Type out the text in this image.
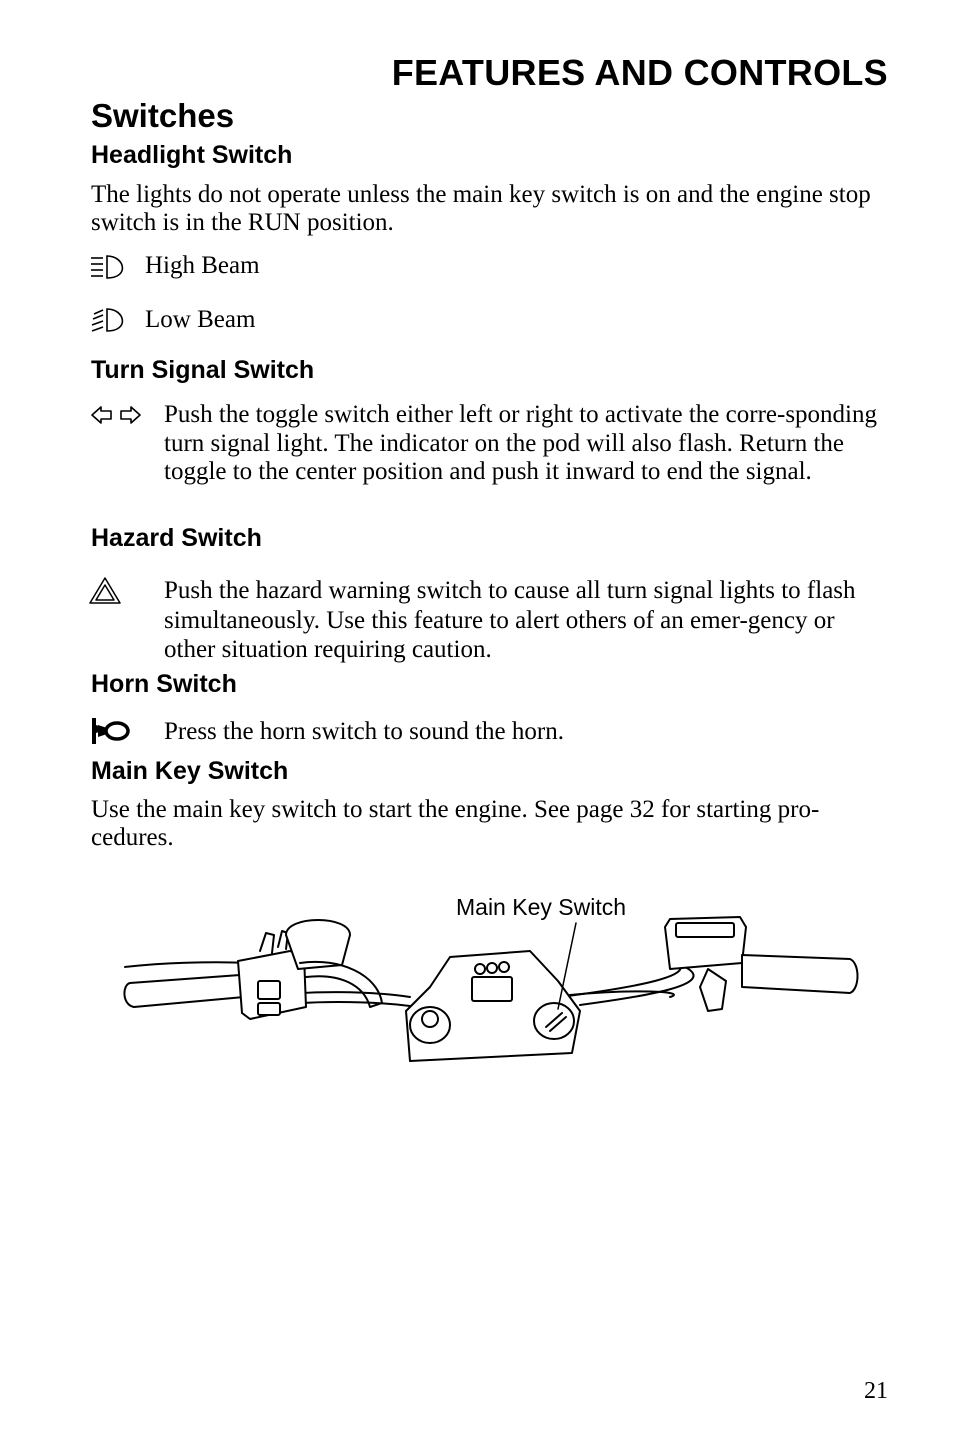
FEATURES AND CONTROLS
Switches
Headlight Switch
The lights do not operate unless the main key switch is on and the engine stop switch is in the RUN position.
High Beam
Low Beam
Turn Signal Switch
Push the toggle switch either left or right to activate the corre-sponding turn signal light. The indicator on the pod will also flash. Return the toggle to the center position and push it inward to end the signal.
Hazard Switch
Push the hazard warning switch to cause all turn signal lights to flash simultaneously. Use this feature to alert others of an emer-gency or other situation requiring caution.
Horn Switch
Press the horn switch to sound the horn.
Main Key Switch
Use the main key switch to start the engine. See page 32 for starting pro-cedures.
Main Key Switch
21
